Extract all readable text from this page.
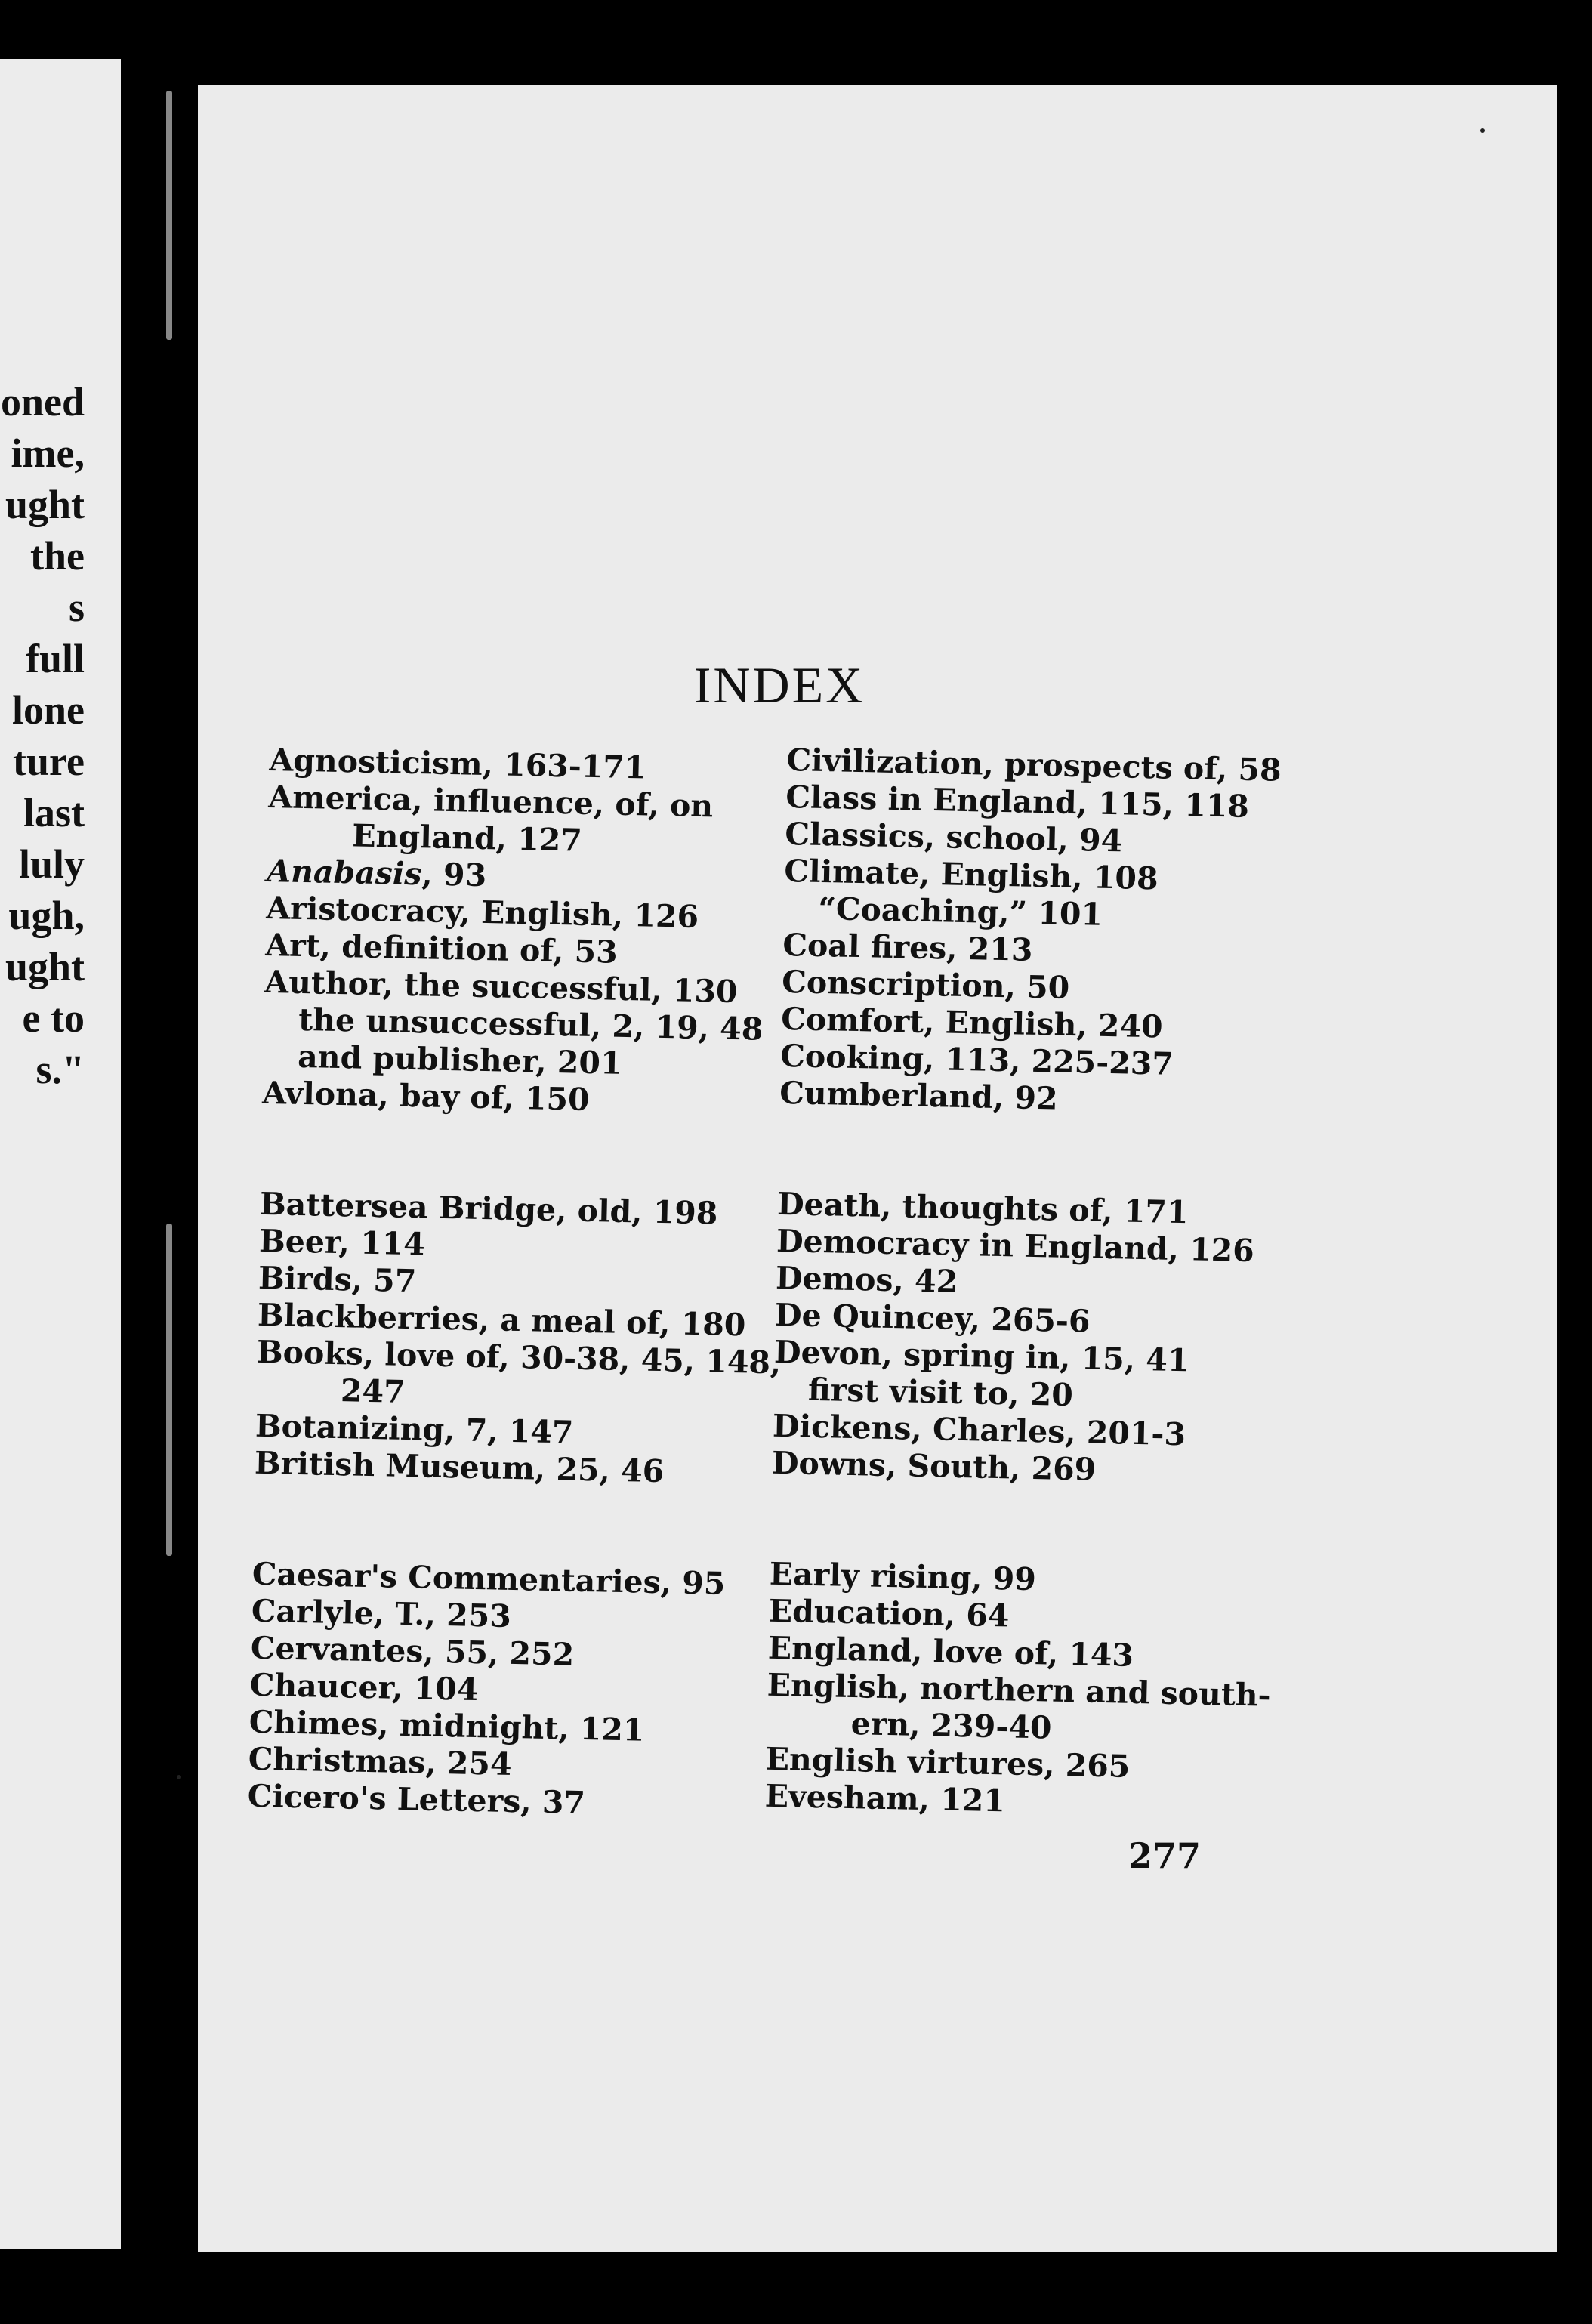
oned
ime,
ught
the
s full
lone
ture
last
luly
ugh,
ught
e to
s."
INDEX
Agnosticism, 163-171
America, influence, of, on
England, 127
Anabasis, 93
Aristocracy, English, 126
Art, definition of, 53
Author, the successful, 130
the unsuccessful, 2, 19, 48
and publisher, 201
Avlona, bay of, 150
Battersea Bridge, old, 198
Beer, 114
Birds, 57
Blackberries, a meal of, 180
Books, love of, 30-38, 45, 148,
247
Botanizing, 7, 147
British Museum, 25, 46
Caesar's Commentaries, 95
Carlyle, T., 253
Cervantes, 55, 252
Chaucer, 104
Chimes, midnight, 121
Christmas, 254
Cicero's Letters, 37
Civilization, prospects of, 58
Class in England, 115, 118
Classics, school, 94
Climate, English, 108
“Coaching,” 101
Coal fires, 213
Conscription, 50
Comfort, English, 240
Cooking, 113, 225-237
Cumberland, 92
Death, thoughts of, 171
Democracy in England, 126
Demos, 42
De Quincey, 265-6
Devon, spring in, 15, 41
first visit to, 20
Dickens, Charles, 201-3
Downs, South, 269
Early rising, 99
Education, 64
England, love of, 143
English, northern and south-
ern, 239-40
English virtures, 265
Evesham, 121
277
